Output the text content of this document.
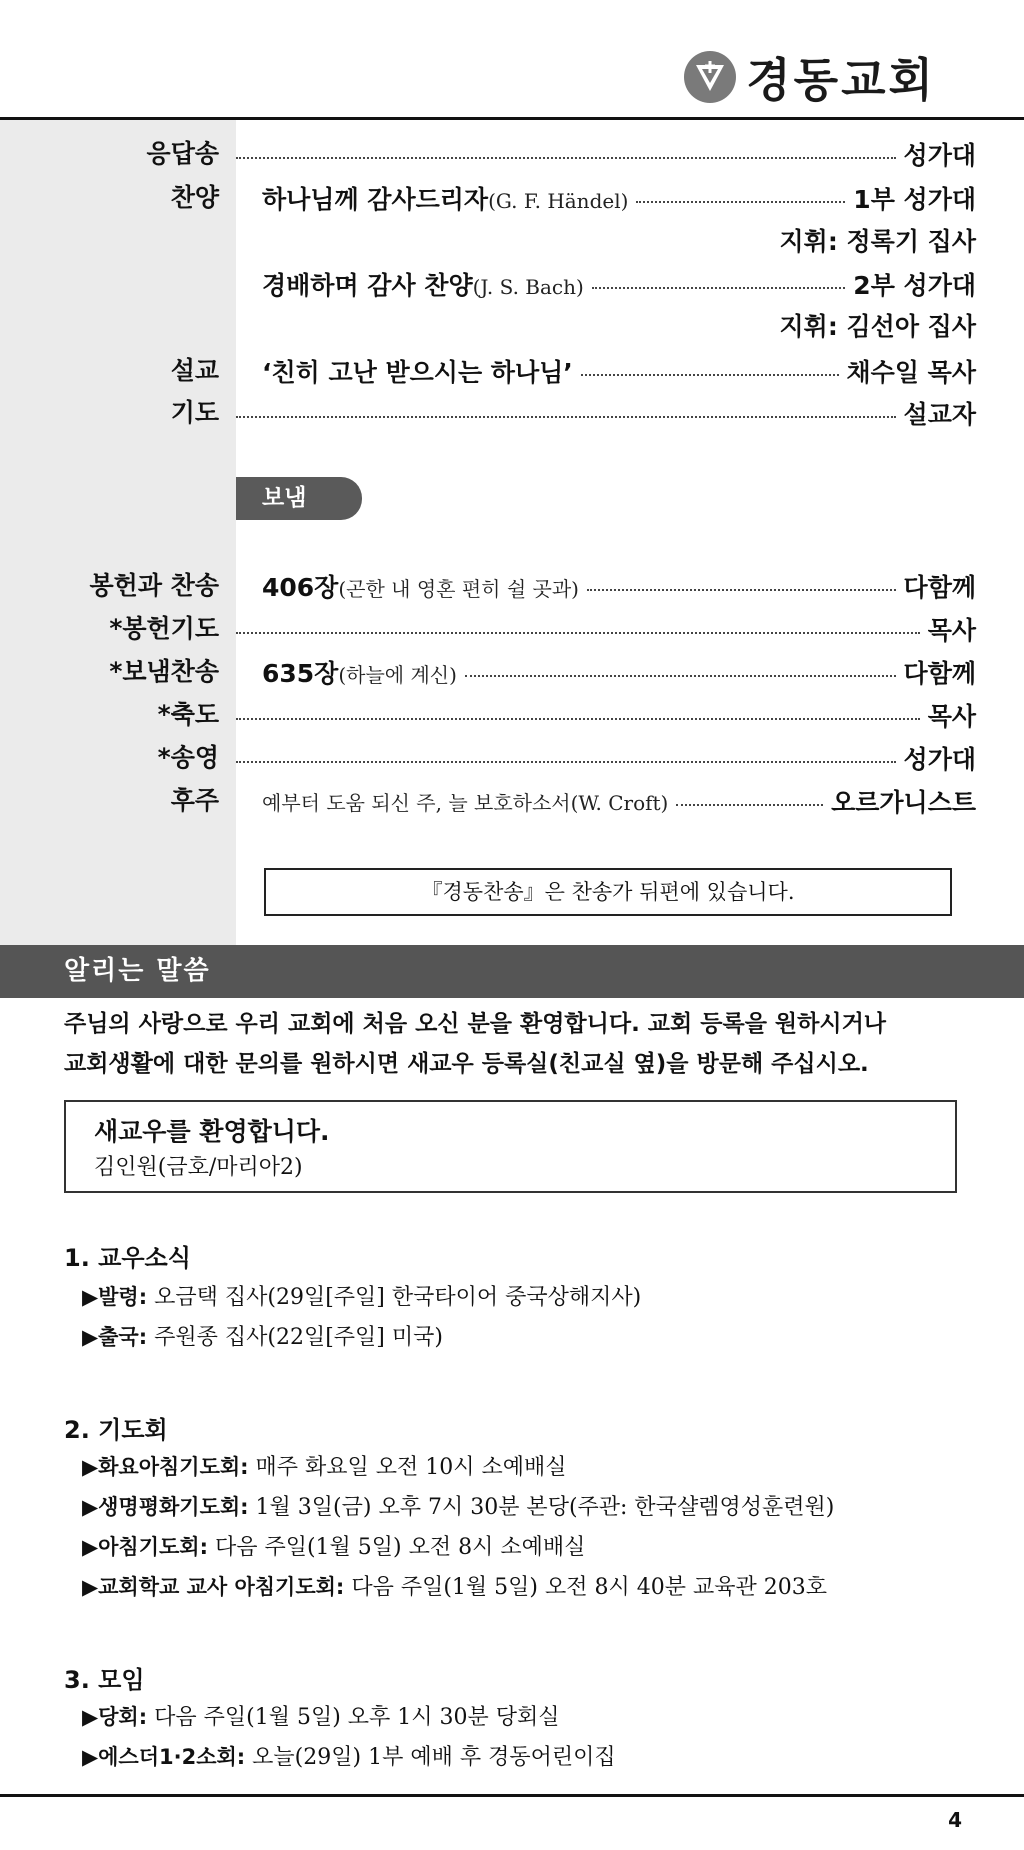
경동교회
응답송	성가대
찬양 하나님께 감사드리자(G. F. Händel)	1부 성가대
지휘: 정록기 집사
경배하며 감사 찬양(J. S. Bach)	2부 성가대
지휘: 김선아 집사
설교 ‘친히 고난 받으시는 하나님’	채수일 목사
기도	설교자
보냄
봉헌과 찬송 406장(곤한 내 영혼 편히 쉴 곳과)	다함께
*봉헌기도	목사
*보냄찬송 635장(하늘에 계신)	다함께
*축도	목사
*송영	성가대
후주 예부터 도움 되신 주, 늘 보호하소서(W. Croft)	오르가니스트
『경동찬송』은 찬송가 뒤편에 있습니다.
알리는 말씀
주님의 사랑으로 우리 교회에 처음 오신 분을 환영합니다. 교회 등록을 원하시거나
교회생활에 대한 문의를 원하시면 새교우 등록실(친교실 옆)을 방문해 주십시오.
새교우를 환영합니다.
김인원(금호/마리아2)
1. 교우소식
▶발령: 오금택 집사(29일[주일] 한국타이어 중국상해지사)
▶출국: 주원종 집사(22일[주일] 미국)
2. 기도회
▶화요아침기도회: 매주 화요일 오전 10시 소예배실
▶생명평화기도회: 1월 3일(금) 오후 7시 30분 본당(주관: 한국샬렘영성훈련원)
▶아침기도회: 다음 주일(1월 5일) 오전 8시 소예배실
▶교회학교 교사 아침기도회: 다음 주일(1월 5일) 오전 8시 40분 교육관 203호
3. 모임
▶당회: 다음 주일(1월 5일) 오후 1시 30분 당회실
▶에스더1·2소회: 오늘(29일) 1부 예배 후 경동어린이집
4
